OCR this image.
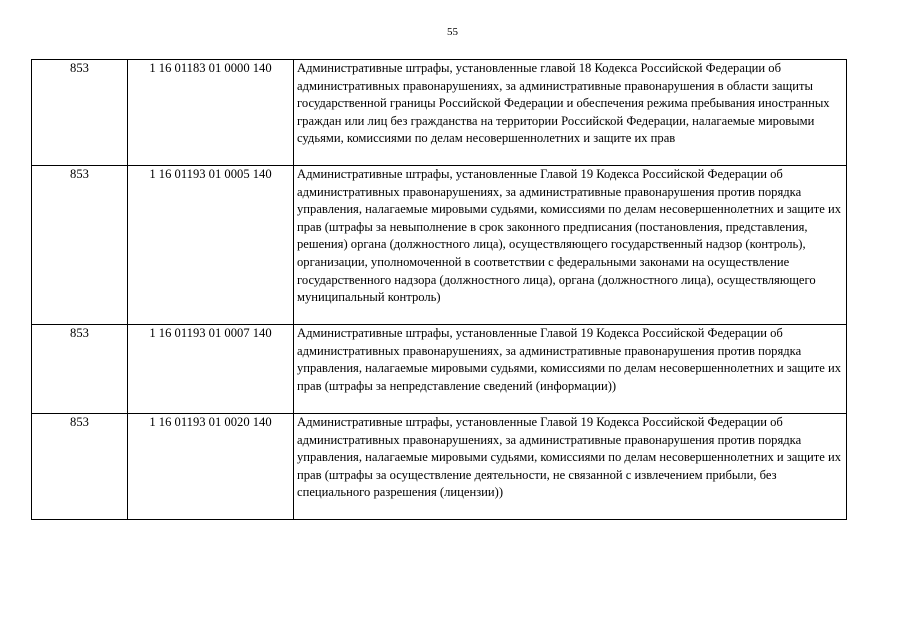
55
853	1 16 01183 01 0000 140	Административные штрафы, установленные главой 18 Кодекса Российской Федерации об административных правонарушениях, за административные правонарушения в области защиты государственной границы Российской Федерации и обеспечения режима пребывания иностранных граждан или лиц без гражданства на территории Российской Федерации, налагаемые мировыми судьями, комиссиями по делам несовершеннолетних и защите их прав
853	1 16 01193 01 0005 140	Административные штрафы, установленные Главой 19 Кодекса Российской Федерации об административных правонарушениях, за административные правонарушения против порядка управления, налагаемые мировыми судьями, комиссиями по делам несовершеннолетних и защите их прав (штрафы за невыполнение в срок законного предписания (постановления, представления, решения) органа (должностного лица), осуществляющего государственный надзор (контроль), организации, уполномоченной в соответствии с федеральными законами на осуществление государственного надзора (должностного лица), органа (должностного лица), осуществляющего муниципальный контроль)
853	1 16 01193 01 0007 140	Административные штрафы, установленные Главой 19 Кодекса Российской Федерации об административных правонарушениях, за административные правонарушения против порядка управления, налагаемые мировыми судьями, комиссиями по делам несовершеннолетних и защите их прав (штрафы за непредставление сведений (информации))
853	1 16 01193 01 0020 140	Административные штрафы, установленные Главой 19 Кодекса Российской Федерации об административных правонарушениях, за административные правонарушения против порядка управления, налагаемые мировыми судьями, комиссиями по делам несовершеннолетних и защите их прав (штрафы за осуществление деятельности, не связанной с извлечением прибыли, без специального разрешения (лицензии))
